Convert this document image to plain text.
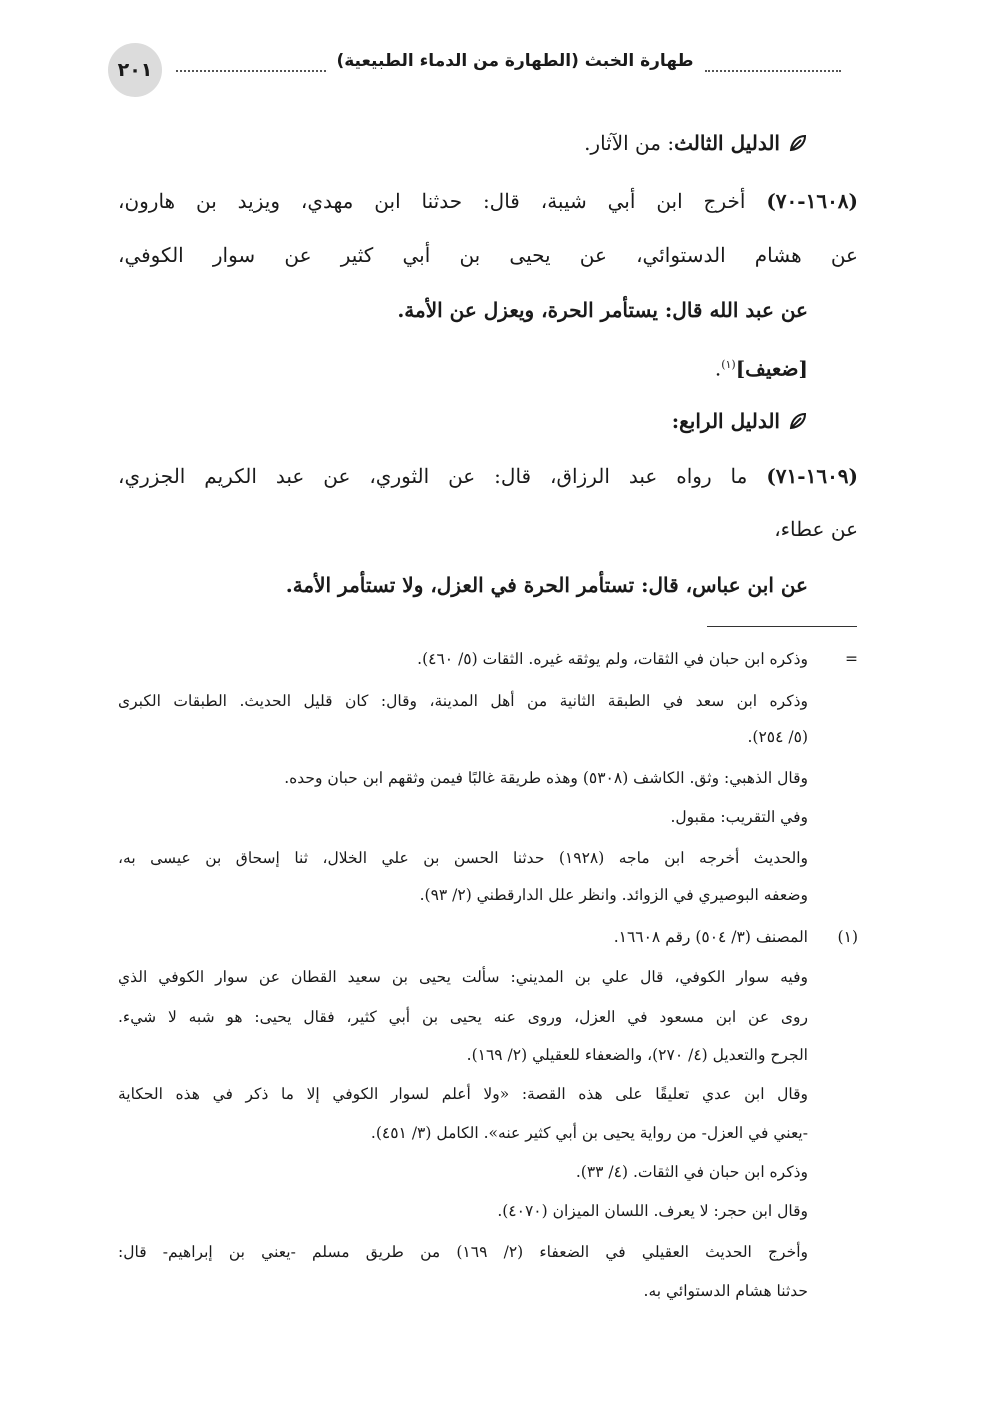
٢٠١	طهارة الخبث (الطهارة من الدماء الطبيعية)
الدليل الثالث: من الآثار.
(١٦٠٨-٧٠) أخرج ابن أبي شيبة، قال: حدثنا ابن مهدي، ويزيد بن هارون،
عن هشام الدستوائي، عن يحيى بن أبي كثير عن سوار الكوفي،
عن عبد الله قال: يستأمر الحرة، ويعزل عن الأمة.
[ضعيف]$^{(١)}$.
الدليل الرابع:
(١٦٠٩-٧١) ما رواه عبد الرزاق، قال: عن الثوري، عن عبد الكريم الجزري،
عن عطاء،
عن ابن عباس، قال: تستأمر الحرة في العزل، ولا تستأمر الأمة.
=
وذكره ابن حبان في الثقات، ولم يوثقه غيره. الثقات (٥/ ٤٦٠).
وذكره ابن سعد في الطبقة الثانية من أهل المدينة، وقال: كان قليل الحديث. الطبقات الكبرى
(٥/ ٢٥٤).
وقال الذهبي: وثق. الكاشف (٥٣٠٨) وهذه طريقة غالبًا فيمن وثقهم ابن حبان وحده.
وفي التقريب: مقبول.
والحديث أخرجه ابن ماجه (١٩٢٨) حدثنا الحسن بن علي الخلال، ثنا إسحاق بن عيسى به،
وضعفه البوصيري في الزوائد. وانظر علل الدارقطني (٢/ ٩٣).
(١)
المصنف (٣/ ٥٠٤) رقم ١٦٦٠٨.
وفيه سوار الكوفي، قال علي بن المديني: سألت يحيى بن سعيد القطان عن سوار الكوفي الذي
روى عن ابن مسعود في العزل، وروى عنه يحيى بن أبي كثير، فقال يحيى: هو شبه لا شيء.
الجرح والتعديل (٤/ ٢٧٠)، والضعفاء للعقيلي (٢/ ١٦٩).
وقال ابن عدي تعليقًا على هذه القصة: «ولا أعلم لسوار الكوفي إلا ما ذكر في هذه الحكاية
-يعني في العزل- من رواية يحيى بن أبي كثير عنه». الكامل (٣/ ٤٥١).
وذكره ابن حبان في الثقات. (٤/ ٣٣).
وقال ابن حجر: لا يعرف. اللسان الميزان (٤٠٧٠).
وأخرج الحديث العقيلي في الضعفاء (٢/ ١٦٩) من طريق مسلم -يعني بن إبراهيم- قال:
حدثنا هشام الدستوائي به.
